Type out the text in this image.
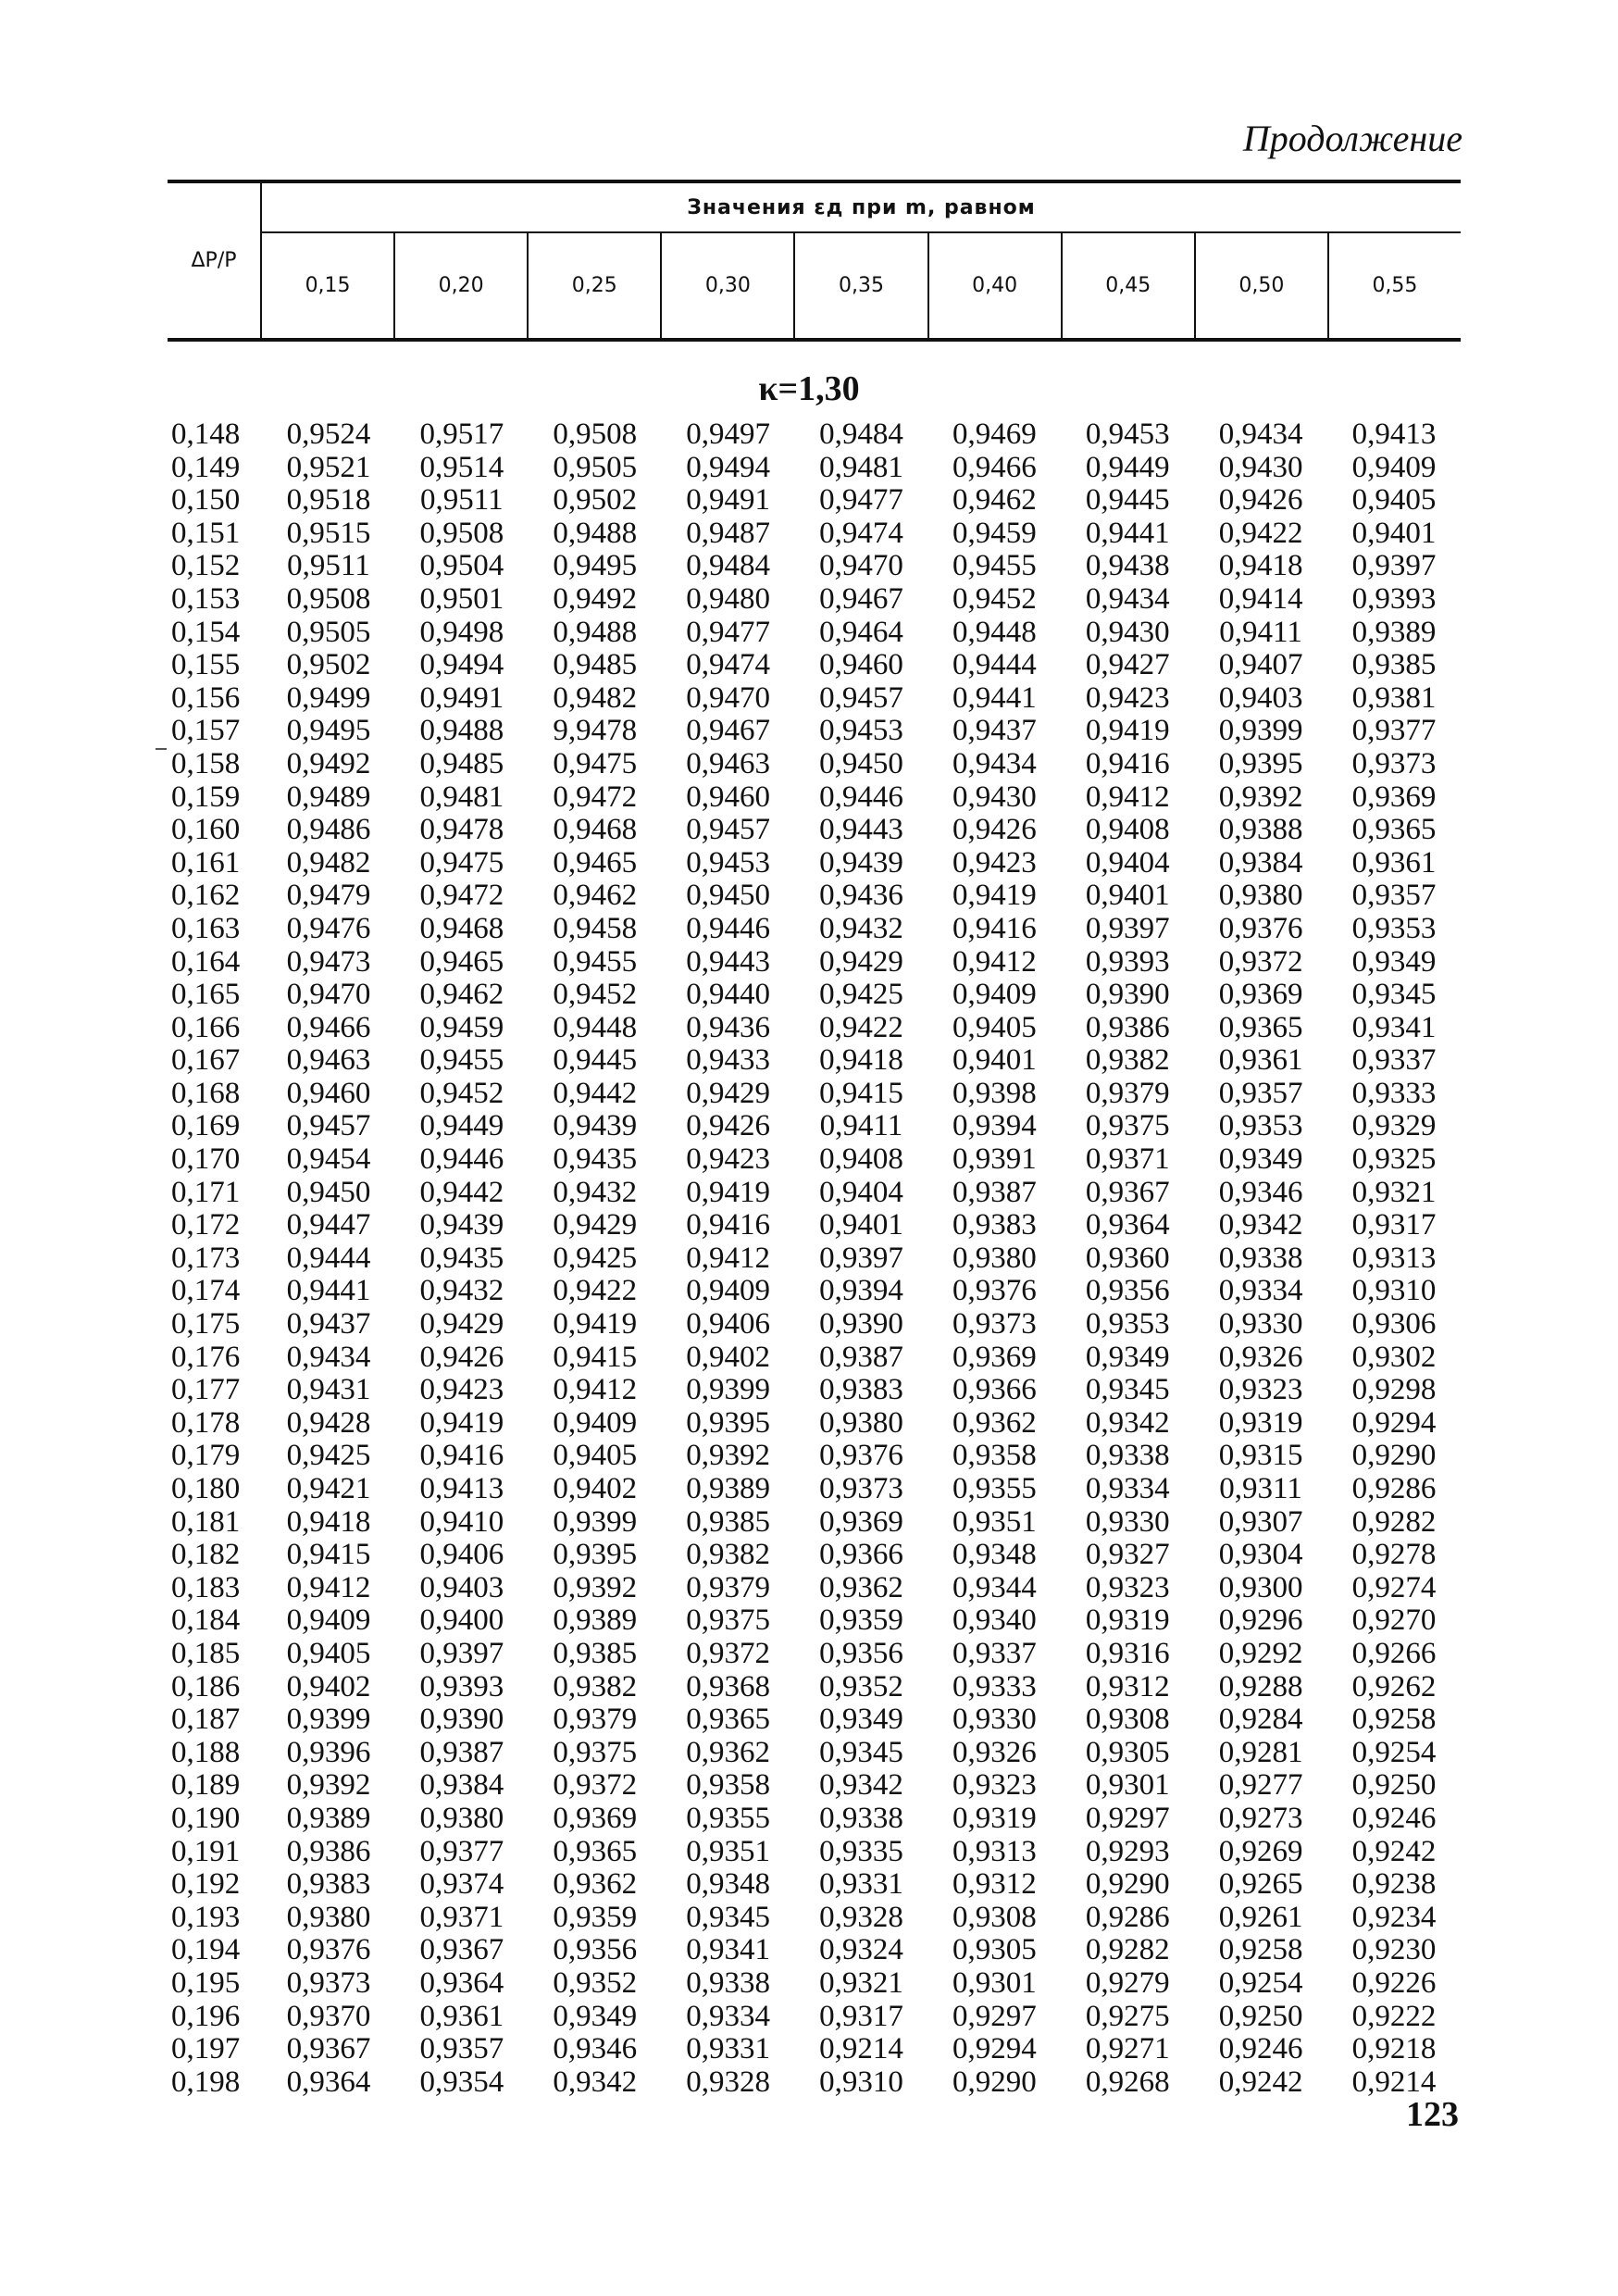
Продолжение
ΔP/P
Значения εд при m, равном
0,15	0,20	0,25	0,30	0,35	0,40	0,45	0,50	0,55
κ=1,30
0,148	0,9524	0,9517	0,9508	0,9497	0,9484	0,9469	0,9453	0,9434	0,9413
0,149	0,9521	0,9514	0,9505	0,9494	0,9481	0,9466	0,9449	0,9430	0,9409
0,150	0,9518	0,9511	0,9502	0,9491	0,9477	0,9462	0,9445	0,9426	0,9405
0,151	0,9515	0,9508	0,9488	0,9487	0,9474	0,9459	0,9441	0,9422	0,9401
0,152	0,9511	0,9504	0,9495	0,9484	0,9470	0,9455	0,9438	0,9418	0,9397
0,153	0,9508	0,9501	0,9492	0,9480	0,9467	0,9452	0,9434	0,9414	0,9393
0,154	0,9505	0,9498	0,9488	0,9477	0,9464	0,9448	0,9430	0,9411	0,9389
0,155	0,9502	0,9494	0,9485	0,9474	0,9460	0,9444	0,9427	0,9407	0,9385
0,156	0,9499	0,9491	0,9482	0,9470	0,9457	0,9441	0,9423	0,9403	0,9381
0,157	0,9495	0,9488	9,9478	0,9467	0,9453	0,9437	0,9419	0,9399	0,9377
0,158	0,9492	0,9485	0,9475	0,9463	0,9450	0,9434	0,9416	0,9395	0,9373
0,159	0,9489	0,9481	0,9472	0,9460	0,9446	0,9430	0,9412	0,9392	0,9369
0,160	0,9486	0,9478	0,9468	0,9457	0,9443	0,9426	0,9408	0,9388	0,9365
0,161	0,9482	0,9475	0,9465	0,9453	0,9439	0,9423	0,9404	0,9384	0,9361
0,162	0,9479	0,9472	0,9462	0,9450	0,9436	0,9419	0,9401	0,9380	0,9357
0,163	0,9476	0,9468	0,9458	0,9446	0,9432	0,9416	0,9397	0,9376	0,9353
0,164	0,9473	0,9465	0,9455	0,9443	0,9429	0,9412	0,9393	0,9372	0,9349
0,165	0,9470	0,9462	0,9452	0,9440	0,9425	0,9409	0,9390	0,9369	0,9345
0,166	0,9466	0,9459	0,9448	0,9436	0,9422	0,9405	0,9386	0,9365	0,9341
0,167	0,9463	0,9455	0,9445	0,9433	0,9418	0,9401	0,9382	0,9361	0,9337
0,168	0,9460	0,9452	0,9442	0,9429	0,9415	0,9398	0,9379	0,9357	0,9333
0,169	0,9457	0,9449	0,9439	0,9426	0,9411	0,9394	0,9375	0,9353	0,9329
0,170	0,9454	0,9446	0,9435	0,9423	0,9408	0,9391	0,9371	0,9349	0,9325
0,171	0,9450	0,9442	0,9432	0,9419	0,9404	0,9387	0,9367	0,9346	0,9321
0,172	0,9447	0,9439	0,9429	0,9416	0,9401	0,9383	0,9364	0,9342	0,9317
0,173	0,9444	0,9435	0,9425	0,9412	0,9397	0,9380	0,9360	0,9338	0,9313
0,174	0,9441	0,9432	0,9422	0,9409	0,9394	0,9376	0,9356	0,9334	0,9310
0,175	0,9437	0,9429	0,9419	0,9406	0,9390	0,9373	0,9353	0,9330	0,9306
0,176	0,9434	0,9426	0,9415	0,9402	0,9387	0,9369	0,9349	0,9326	0,9302
0,177	0,9431	0,9423	0,9412	0,9399	0,9383	0,9366	0,9345	0,9323	0,9298
0,178	0,9428	0,9419	0,9409	0,9395	0,9380	0,9362	0,9342	0,9319	0,9294
0,179	0,9425	0,9416	0,9405	0,9392	0,9376	0,9358	0,9338	0,9315	0,9290
0,180	0,9421	0,9413	0,9402	0,9389	0,9373	0,9355	0,9334	0,9311	0,9286
0,181	0,9418	0,9410	0,9399	0,9385	0,9369	0,9351	0,9330	0,9307	0,9282
0,182	0,9415	0,9406	0,9395	0,9382	0,9366	0,9348	0,9327	0,9304	0,9278
0,183	0,9412	0,9403	0,9392	0,9379	0,9362	0,9344	0,9323	0,9300	0,9274
0,184	0,9409	0,9400	0,9389	0,9375	0,9359	0,9340	0,9319	0,9296	0,9270
0,185	0,9405	0,9397	0,9385	0,9372	0,9356	0,9337	0,9316	0,9292	0,9266
0,186	0,9402	0,9393	0,9382	0,9368	0,9352	0,9333	0,9312	0,9288	0,9262
0,187	0,9399	0,9390	0,9379	0,9365	0,9349	0,9330	0,9308	0,9284	0,9258
0,188	0,9396	0,9387	0,9375	0,9362	0,9345	0,9326	0,9305	0,9281	0,9254
0,189	0,9392	0,9384	0,9372	0,9358	0,9342	0,9323	0,9301	0,9277	0,9250
0,190	0,9389	0,9380	0,9369	0,9355	0,9338	0,9319	0,9297	0,9273	0,9246
0,191	0,9386	0,9377	0,9365	0,9351	0,9335	0,9313	0,9293	0,9269	0,9242
0,192	0,9383	0,9374	0,9362	0,9348	0,9331	0,9312	0,9290	0,9265	0,9238
0,193	0,9380	0,9371	0,9359	0,9345	0,9328	0,9308	0,9286	0,9261	0,9234
0,194	0,9376	0,9367	0,9356	0,9341	0,9324	0,9305	0,9282	0,9258	0,9230
0,195	0,9373	0,9364	0,9352	0,9338	0,9321	0,9301	0,9279	0,9254	0,9226
0,196	0,9370	0,9361	0,9349	0,9334	0,9317	0,9297	0,9275	0,9250	0,9222
0,197	0,9367	0,9357	0,9346	0,9331	0,9214	0,9294	0,9271	0,9246	0,9218
0,198	0,9364	0,9354	0,9342	0,9328	0,9310	0,9290	0,9268	0,9242	0,9214
123
